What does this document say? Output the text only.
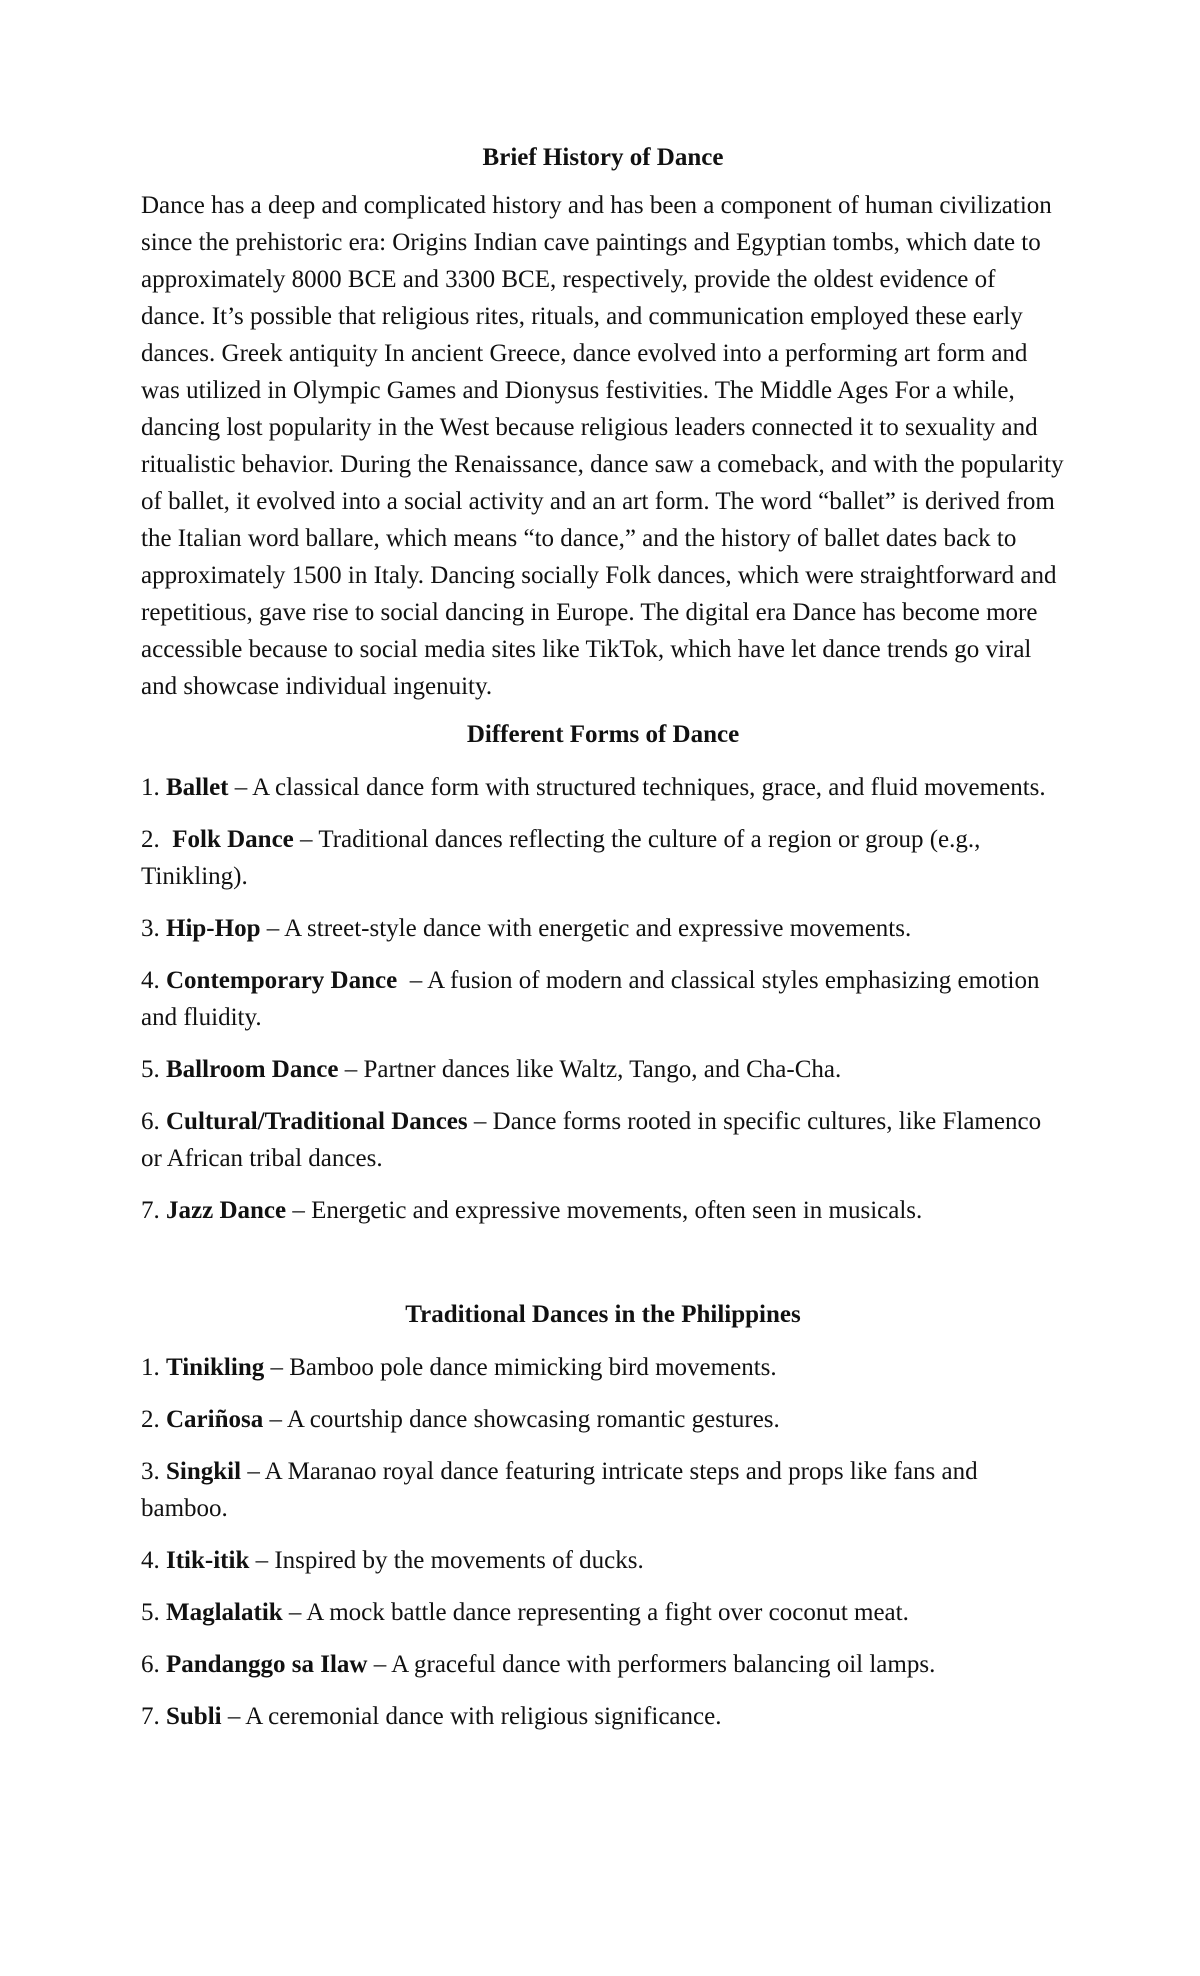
Brief History of Dance

Dance has a deep and complicated history and has been a component of human civilization since the prehistoric era: Origins Indian cave paintings and Egyptian tombs, which date to approximately 8000 BCE and 3300 BCE, respectively, provide the oldest evidence of dance. It’s possible that religious rites, rituals, and communication employed these early dances. Greek antiquity In ancient Greece, dance evolved into a performing art form and was utilized in Olympic Games and Dionysus festivities. The Middle Ages For a while, dancing lost popularity in the West because religious leaders connected it to sexuality and ritualistic behavior. During the Renaissance, dance saw a comeback, and with the popularity of ballet, it evolved into a social activity and an art form. The word “ballet” is derived from the Italian word ballare, which means “to dance,” and the history of ballet dates back to approximately 1500 in Italy. Dancing socially Folk dances, which were straightforward and repetitious, gave rise to social dancing in Europe. The digital era Dance has become more accessible because to social media sites like TikTok, which have let dance trends go viral and showcase individual ingenuity.

Different Forms of Dance
1. Ballet – A classical dance form with structured techniques, grace, and fluid movements.
2. Folk Dance – Traditional dances reflecting the culture of a region or group (e.g., Tinikling).
3. Hip-Hop – A street-style dance with energetic and expressive movements.
4. Contemporary Dance  – A fusion of modern and classical styles emphasizing emotion and fluidity.
5. Ballroom Dance – Partner dances like Waltz, Tango, and Cha-Cha.
6. Cultural/Traditional Dances – Dance forms rooted in specific cultures, like Flamenco or African tribal dances.
7. Jazz Dance – Energetic and expressive movements, often seen in musicals.
Traditional Dances in the Philippines
1. Tinikling – Bamboo pole dance mimicking bird movements.
2. Cariñosa – A courtship dance showcasing romantic gestures.
3. Singkil – A Maranao royal dance featuring intricate steps and props like fans and bamboo.
4. Itik-itik – Inspired by the movements of ducks.
5. Maglalatik – A mock battle dance representing a fight over coconut meat.
6. Pandanggo sa Ilaw – A graceful dance with performers balancing oil lamps.
7. Subli – A ceremonial dance with religious significance.
